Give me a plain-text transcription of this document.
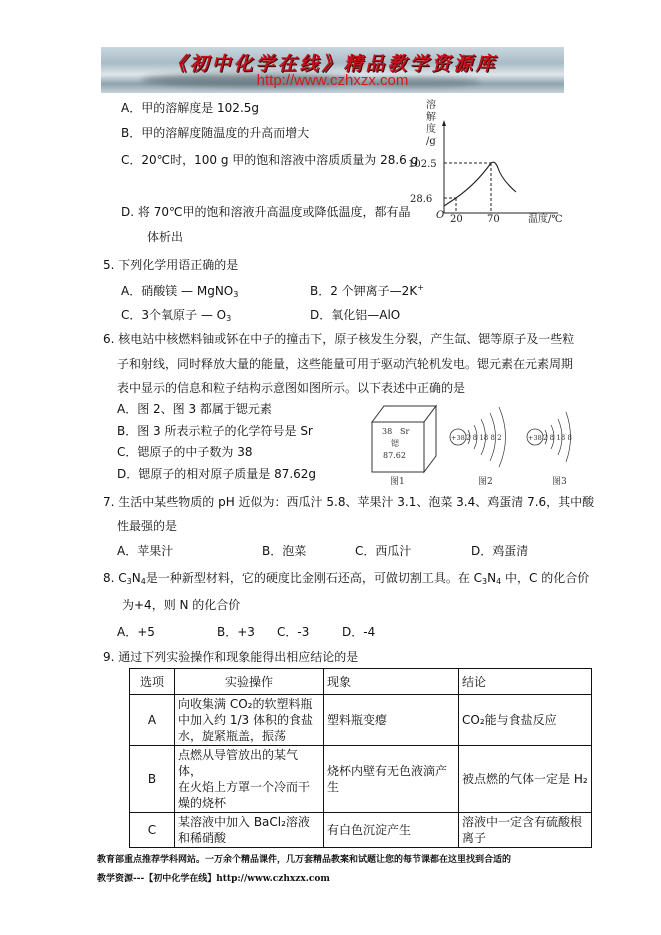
《初中化学在线》精品教学资源库
http://www.czhxzx.com
A．甲的溶解度是 102.5g
B．甲的溶解度随温度的升高而增大
C．20℃时，100 g 甲的饱和溶液中溶质质量为 28.6 g
D. 将 70℃甲的饱和溶液升高温度或降低温度，都有晶
体析出
溶
解
度
/g
102.5
28.6
O 20 70	温度/℃
5. 下列化学用语正确的是
A．硝酸镁 — MgNO$_3$	B．2 个钾离子—2K+
C．3个氧原子 — $O_3$	D．氧化铝—AlO
6. 核电站中核燃料铀或钚在中子的撞击下，原子核发生分裂，产生氙、锶等原子及一些粒
子和射线，同时释放大量的能量，这些能量可用于驱动汽轮机发电。锶元素在元素周期
表中显示的信息和粒子结构示意图如图所示。以下表述中正确的是
A．图 2、图 3 都属于锶元素
B．图 3 所表示粒子的化学符号是 Sr
C．锶原子的中子数为 38
D．锶原子的相对原子质量是 87.62g
38 Sr
锶
87.62
图1
+38 2 8 18 8 2
图2
+38 2 8 18 8
图3
7. 生活中某些物质的 pH 近似为：西瓜汁 5.8、苹果汁 3.1、泡菜 3.4、鸡蛋清 7.6，其中酸
性最强的是
A．苹果汁	B．泡菜	C．西瓜汁	D．鸡蛋清
8. $C_3N_4$是一种新型材料，它的硬度比金刚石还高，可做切割工具。在 $C_3N_4$ 中，C 的化合价
为+4，则 N 的化合价
A．+5	B．+3 C．-3	D．-4
9. 通过下列实验操作和现象能得出相应结论的是
选项	实验操作	现象	结论
A	向收集满 CO₂的软塑料瓶
中加入约 1/3 体积的食盐
水，旋紧瓶盖，振荡	塑料瓶变瘪	CO₂能与食盐反应
B	点燃从导管放出的某气体，
在火焰上方罩一个冷而干
燥的烧杯	烧杯内壁有无色液滴产生	被点燃的气体一定是 H₂
C	某溶液中加入 BaCl₂溶液
和稀硝酸	有白色沉淀产生	溶液中一定含有硫酸根离子
教育部重点推荐学科网站。一万余个精品课件，几万套精品教案和试题让您的每节课都在这里找到合适的
教学资源---【初中化学在线】http://www.czhxzx.com
